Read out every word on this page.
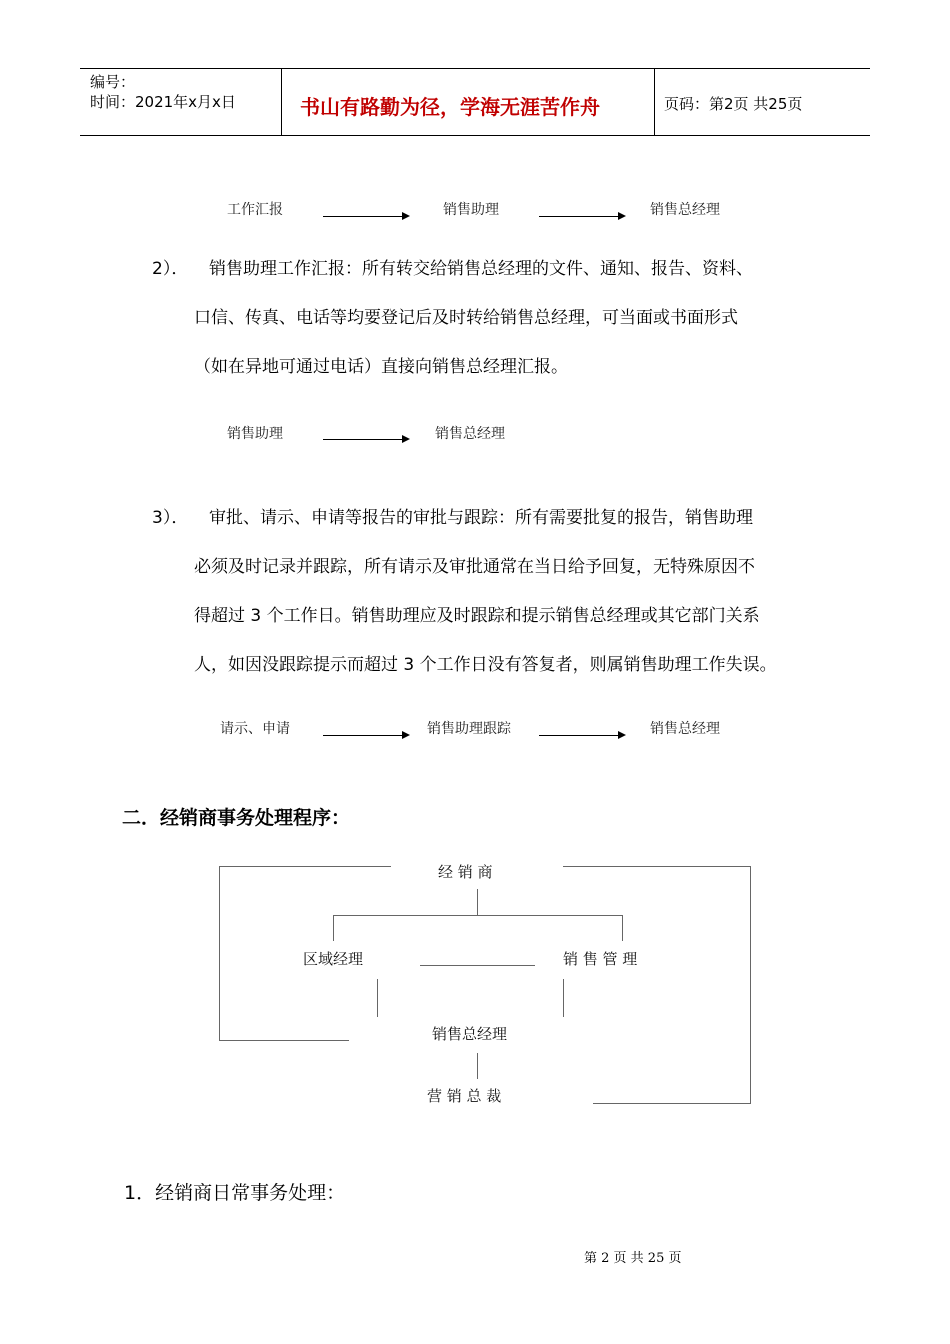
编号：
时间：2021年x月x日	书山有路勤为径，学海无涯苦作舟	页码：第2页 共25页
工作汇报	销售助理	销售总经理
2）． 销售助理工作汇报：所有转交给销售总经理的文件、通知、报告、资料、
口信、传真、电话等均要登记后及时转给销售总经理，可当面或书面形式
（如在异地可通过电话）直接向销售总经理汇报。
销售助理	销售总经理
3）． 审批、请示、申请等报告的审批与跟踪：所有需要批复的报告，销售助理
必须及时记录并跟踪，所有请示及审批通常在当日给予回复，无特殊原因不
得超过 3 个工作日。销售助理应及时跟踪和提示销售总经理或其它部门关系
人，如因没跟踪提示而超过 3 个工作日没有答复者，则属销售助理工作失误。
请示、申请	销售助理跟踪	销售总经理
二．经销商事务处理程序：
经 销 商
区域经理	销 售 管 理
销售总经理
营 销 总 裁
1．经销商日常事务处理：
第 2 页 共 25 页
